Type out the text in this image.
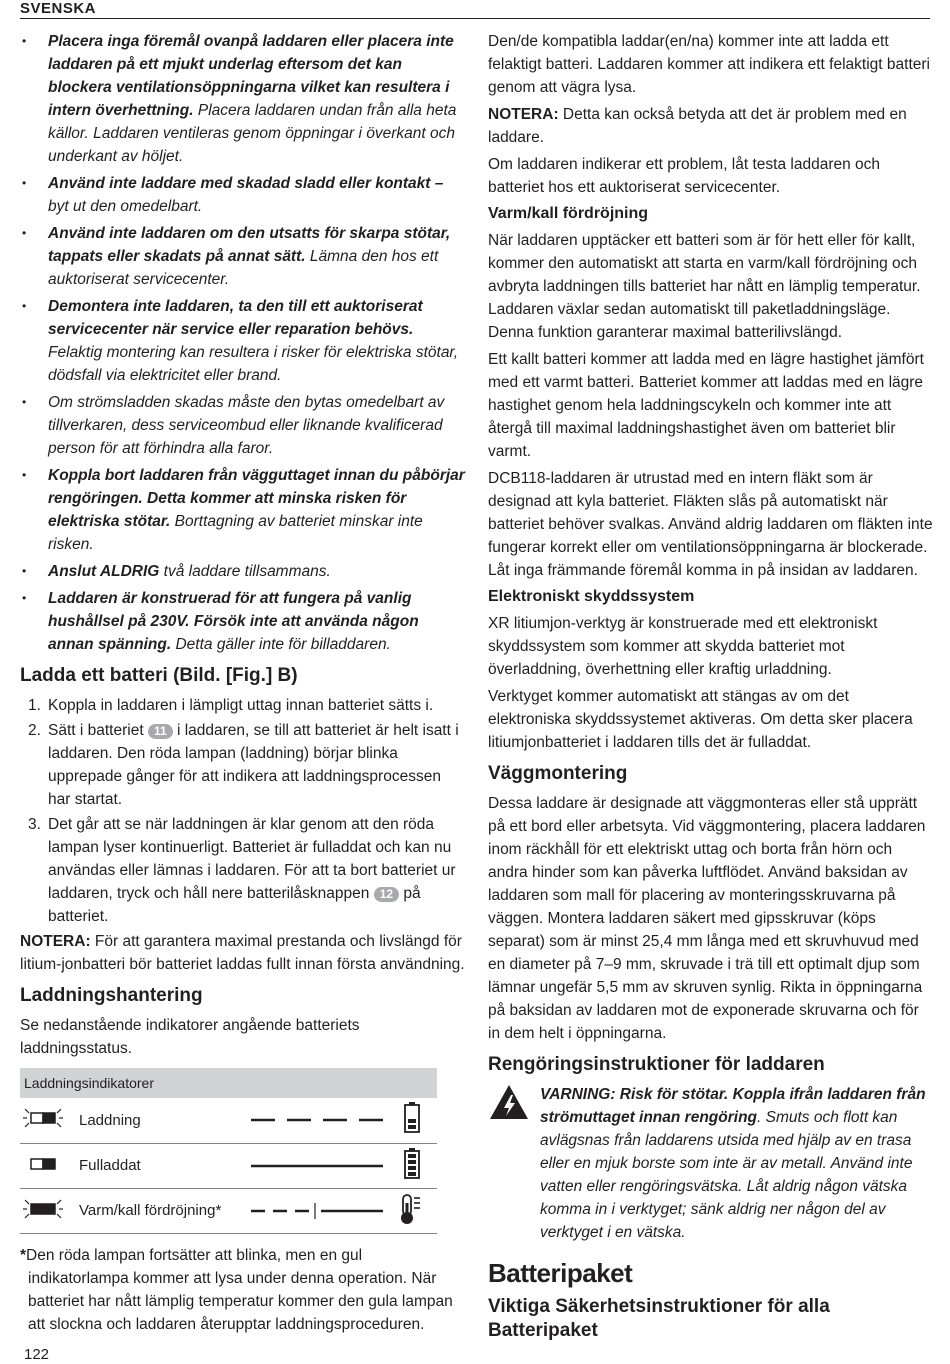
SVENSKA
• Placera inga föremål ovanpå laddaren eller placera inte laddaren på ett mjukt underlag eftersom det kan blockera ventilationsöppningarna vilket kan resultera i intern överhettning. Placera laddaren undan från alla heta källor. Laddaren ventileras genom öppningar i överkant och underkant av höljet.
• Använd inte laddare med skadad sladd eller kontakt – byt ut den omedelbart.
• Använd inte laddaren om den utsatts för skarpa stötar, tappats eller skadats på annat sätt. Lämna den hos ett auktoriserat servicecenter.
• Demontera inte laddaren, ta den till ett auktoriserat servicecenter när service eller reparation behövs. Felaktig montering kan resultera i risker för elektriska stötar, dödsfall via elektricitet eller brand.
• Om strömsladden skadas måste den bytas omedelbart av tillverkaren, dess serviceombud eller liknande kvalificerad person för att förhindra alla faror.
• Koppla bort laddaren från vägguttaget innan du påbörjar rengöringen. Detta kommer att minska risken för elektriska stötar. Borttagning av batteriet minskar inte risken.
• Anslut ALDRIG två laddare tillsammans.
• Laddaren är konstruerad för att fungera på vanlig hushållsel på 230V. Försök inte att använda någon annan spänning. Detta gäller inte för billaddaren.
Ladda ett batteri (Bild. [Fig.] B)
1. Koppla in laddaren i lämpligt uttag innan batteriet sätts i.
2. Sätt i batteriet 11 i laddaren, se till att batteriet är helt isatt i laddaren. Den röda lampan (laddning) börjar blinka upprepade gånger för att indikera att laddningsprocessen har startat.
3. Det går att se när laddningen är klar genom att den röda lampan lyser kontinuerligt. Batteriet är fulladdat och kan nu användas eller lämnas i laddaren. För att ta bort batteriet ur laddaren, tryck och håll nere batterilåsknappen 12 på batteriet.

NOTERA: För att garantera maximal prestanda och livslängd för litium-jonbatteri bör batteriet laddas fullt innan första användning.

Laddningshantering

Se nedanstående indikatorer angående batteriets laddningsstatus.

Laddningsindikatorer		
	Laddning	
	Fulladdat	
	Varm/kall fördröjning*	

*Den röda lampan fortsätter att blinka, men en gul indikatorlampa kommer att lysa under denna operation. När batteriet har nått lämplig temperatur kommer den gula lampan att slockna och laddaren återupptar laddningsproceduren.

Den/de kompatibla laddar(en/na) kommer inte att ladda ett felaktigt batteri. Laddaren kommer att indikera ett felaktigt batteri genom att vägra lysa.

NOTERA: Detta kan också betyda att det är problem med en laddare.

Om laddaren indikerar ett problem, låt testa laddaren och batteriet hos ett auktoriserat servicecenter.

Varm/kall fördröjning

När laddaren upptäcker ett batteri som är för hett eller för kallt, kommer den automatiskt att starta en varm/kall fördröjning och avbryta laddningen tills batteriet har nått en lämplig temperatur. Laddaren växlar sedan automatiskt till paketladdningsläge. Denna funktion garanterar maximal batterilivslängd.

Ett kallt batteri kommer att ladda med en lägre hastighet jämfört med ett varmt batteri. Batteriet kommer att laddas med en lägre hastighet genom hela laddningscykeln och kommer inte att återgå till maximal laddningshastighet även om batteriet blir varmt.

DCB118-laddaren är utrustad med en intern fläkt som är designad att kyla batteriet. Fläkten slås på automatiskt när batteriet behöver svalkas. Använd aldrig laddaren om fläkten inte fungerar korrekt eller om ventilationsöppningarna är blockerade. Låt inga främmande föremål komma in på insidan av laddaren.

Elektroniskt skyddssystem

XR litiumjon-verktyg är konstruerade med ett elektroniskt skyddssystem som kommer att skydda batteriet mot överladdning, överhettning eller kraftig urladdning.

Verktyget kommer automatiskt att stängas av om det elektroniska skyddssystemet aktiveras. Om detta sker placera litiumjonbatteriet i laddaren tills det är fulladdat.

Väggmontering

Dessa laddare är designade att väggmonteras eller stå upprätt på ett bord eller arbetsyta. Vid väggmontering, placera laddaren inom räckhåll för ett elektriskt uttag och borta från hörn och andra hinder som kan påverka luftflödet. Använd baksidan av laddaren som mall för placering av monteringsskruvarna på väggen. Montera laddaren säkert med gipsskruvar (köps separat) som är minst 25,4 mm långa med ett skruvhuvud med en diameter på 7–9 mm, skruvade i trä till ett optimalt djup som lämnar ungefär 5,5 mm av skruven synlig. Rikta in öppningarna på baksidan av laddaren mot de exponerade skruvarna och för in dem helt i öppningarna.

Rengöringsinstruktioner för laddaren
VARNING: Risk för stötar. Koppla ifrån laddaren från strömuttaget innan rengöring. Smuts och flott kan avlägsnas från laddarens utsida med hjälp av en trasa eller en mjuk borste som inte är av metall. Använd inte vatten eller rengöringsvätska. Låt aldrig någon vätska komma in i verktyget; sänk aldrig ner någon del av verktyget i en vätska.
Batteripaket
Viktiga Säkerhetsinstruktioner för alla Batteripaket
122
